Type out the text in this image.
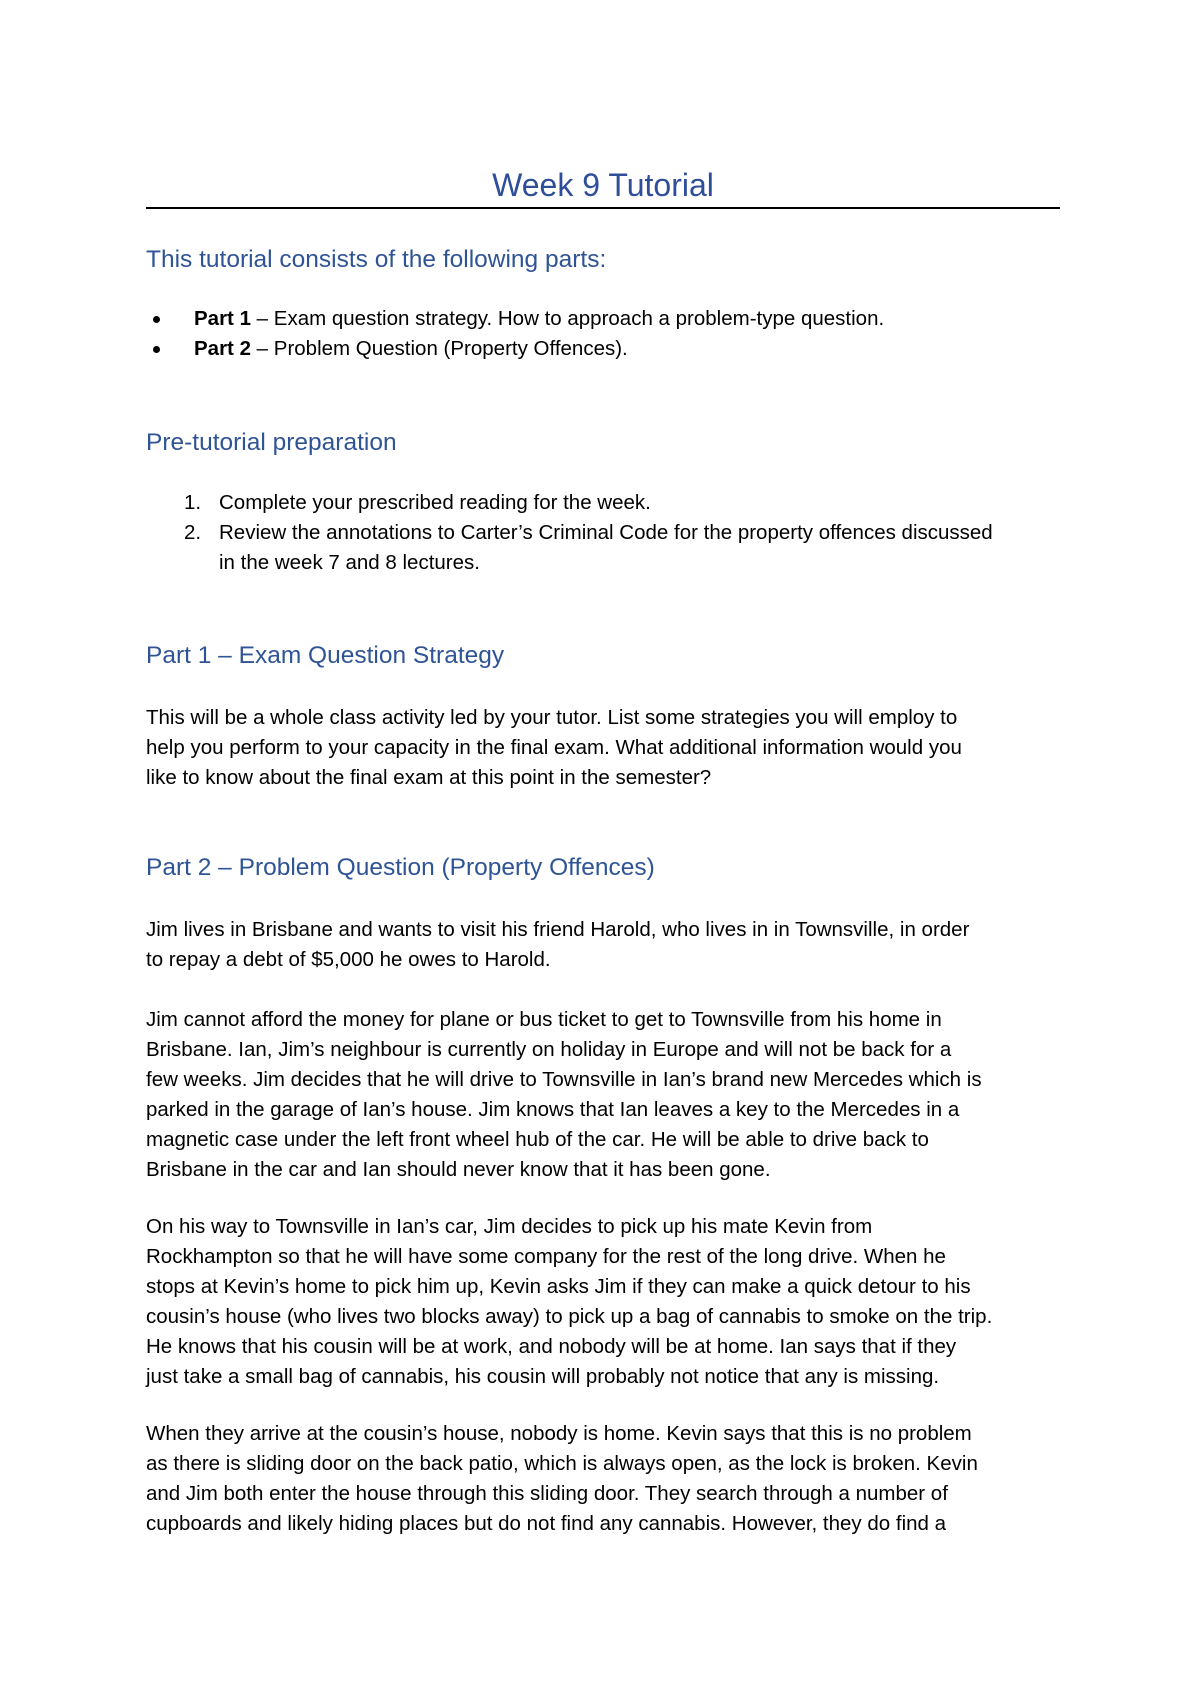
Week 9 Tutorial
This tutorial consists of the following parts:
Part 1 – Exam question strategy. How to approach a problem-type question.
Part 2 – Problem Question (Property Offences).
Pre-tutorial preparation
1. Complete your prescribed reading for the week.
2. Review the annotations to Carter’s Criminal Code for the property offences discussed
in the week 7 and 8 lectures.
Part 1 – Exam Question Strategy
This will be a whole class activity led by your tutor. List some strategies you will employ to
help you perform to your capacity in the final exam. What additional information would you
like to know about the final exam at this point in the semester?
Part 2 – Problem Question (Property Offences)
Jim lives in Brisbane and wants to visit his friend Harold, who lives in in Townsville, in order
to repay a debt of $5,000 he owes to Harold.
Jim cannot afford the money for plane or bus ticket to get to Townsville from his home in
Brisbane. Ian, Jim’s neighbour is currently on holiday in Europe and will not be back for a
few weeks. Jim decides that he will drive to Townsville in Ian’s brand new Mercedes which is
parked in the garage of Ian’s house. Jim knows that Ian leaves a key to the Mercedes in a
magnetic case under the left front wheel hub of the car. He will be able to drive back to
Brisbane in the car and Ian should never know that it has been gone.
On his way to Townsville in Ian’s car, Jim decides to pick up his mate Kevin from
Rockhampton so that he will have some company for the rest of the long drive. When he
stops at Kevin’s home to pick him up, Kevin asks Jim if they can make a quick detour to his
cousin’s house (who lives two blocks away) to pick up a bag of cannabis to smoke on the trip.
He knows that his cousin will be at work, and nobody will be at home. Ian says that if they
just take a small bag of cannabis, his cousin will probably not notice that any is missing.
When they arrive at the cousin’s house, nobody is home. Kevin says that this is no problem
as there is sliding door on the back patio, which is always open, as the lock is broken. Kevin
and Jim both enter the house through this sliding door. They search through a number of
cupboards and likely hiding places but do not find any cannabis. However, they do find a
